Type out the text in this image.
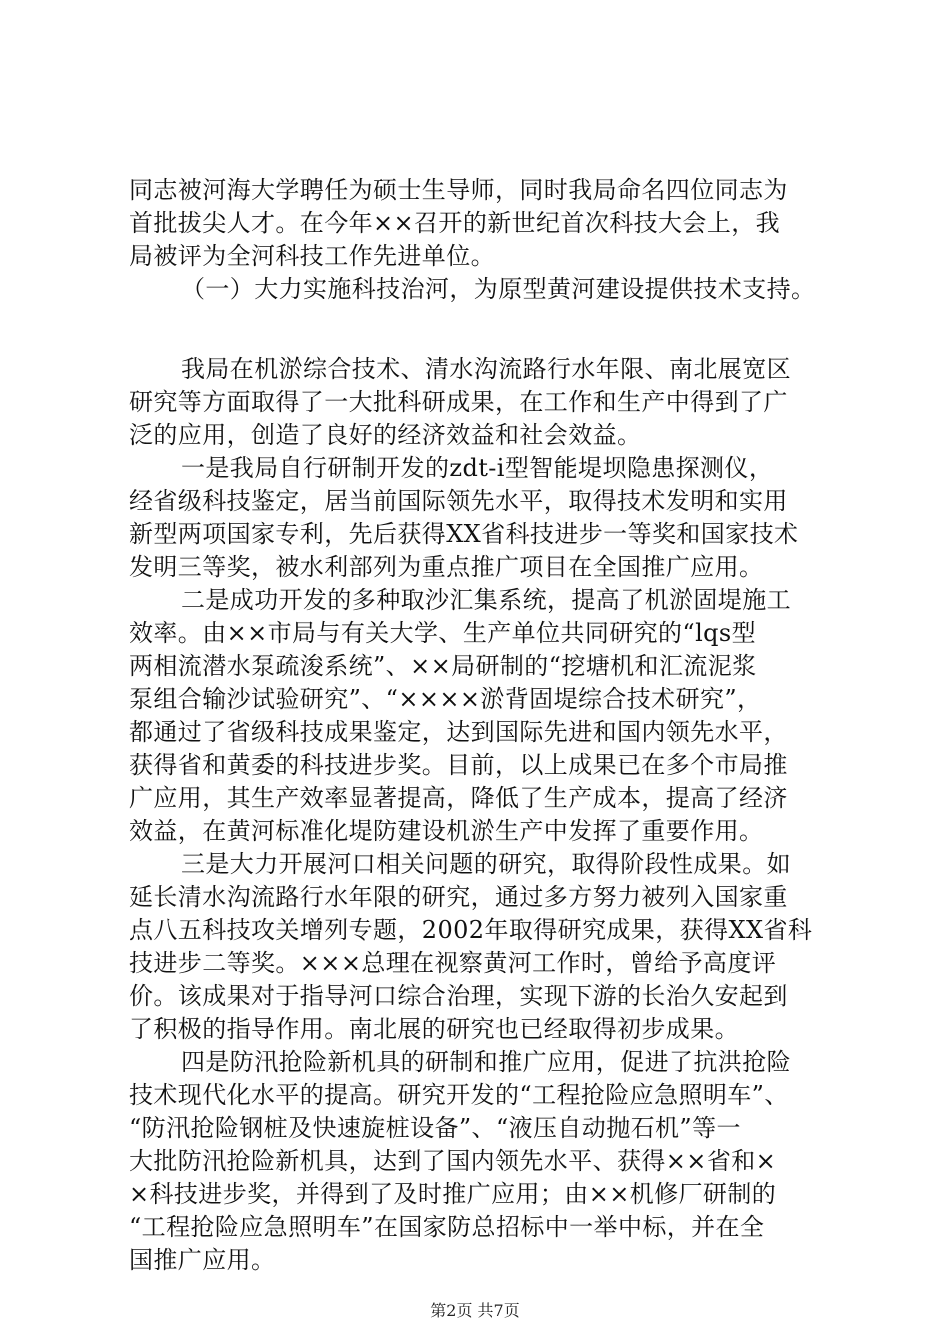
同志被河海大学聘任为硕士生导师，同时我局命名四位同志为
首批拔尖人才。在今年××召开的新世纪首次科技大会上，我
局被评为全河科技工作先进单位。
（一）大力实施科技治河，为原型黄河建设提供技术支持。
我局在机淤综合技术、清水沟流路行水年限、南北展宽区
研究等方面取得了一大批科研成果，在工作和生产中得到了广
泛的应用，创造了良好的经济效益和社会效益。
一是我局自行研制开发的zdt-i型智能堤坝隐患探测仪，
经省级科技鉴定，居当前国际领先水平，取得技术发明和实用
新型两项国家专利，先后获得XX省科技进步一等奖和国家技术
发明三等奖，被水利部列为重点推广项目在全国推广应用。
二是成功开发的多种取沙汇集系统，提高了机淤固堤施工
效率。由××市局与有关大学、生产单位共同研究的“lqs型
两相流潜水泵疏浚系统”、××局研制的“挖塘机和汇流泥浆
泵组合输沙试验研究”、“××××淤背固堤综合技术研究”，
都通过了省级科技成果鉴定，达到国际先进和国内领先水平，
获得省和黄委的科技进步奖。目前，以上成果已在多个市局推
广应用，其生产效率显著提高，降低了生产成本，提高了经济
效益，在黄河标准化堤防建设机淤生产中发挥了重要作用。
三是大力开展河口相关问题的研究，取得阶段性成果。如
延长清水沟流路行水年限的研究，通过多方努力被列入国家重
点八五科技攻关增列专题，2002年取得研究成果，获得XX省科
技进步二等奖。×××总理在视察黄河工作时，曾给予高度评
价。该成果对于指导河口综合治理，实现下游的长治久安起到
了积极的指导作用。南北展的研究也已经取得初步成果。
四是防汛抢险新机具的研制和推广应用，促进了抗洪抢险
技术现代化水平的提高。研究开发的“工程抢险应急照明车”、
“防汛抢险钢桩及快速旋桩设备”、“液压自动抛石机”等一
大批防汛抢险新机具，达到了国内领先水平、获得××省和×
×科技进步奖，并得到了及时推广应用；由××机修厂研制的
“工程抢险应急照明车”在国家防总招标中一举中标，并在全
国推广应用。
第2页 共7页
